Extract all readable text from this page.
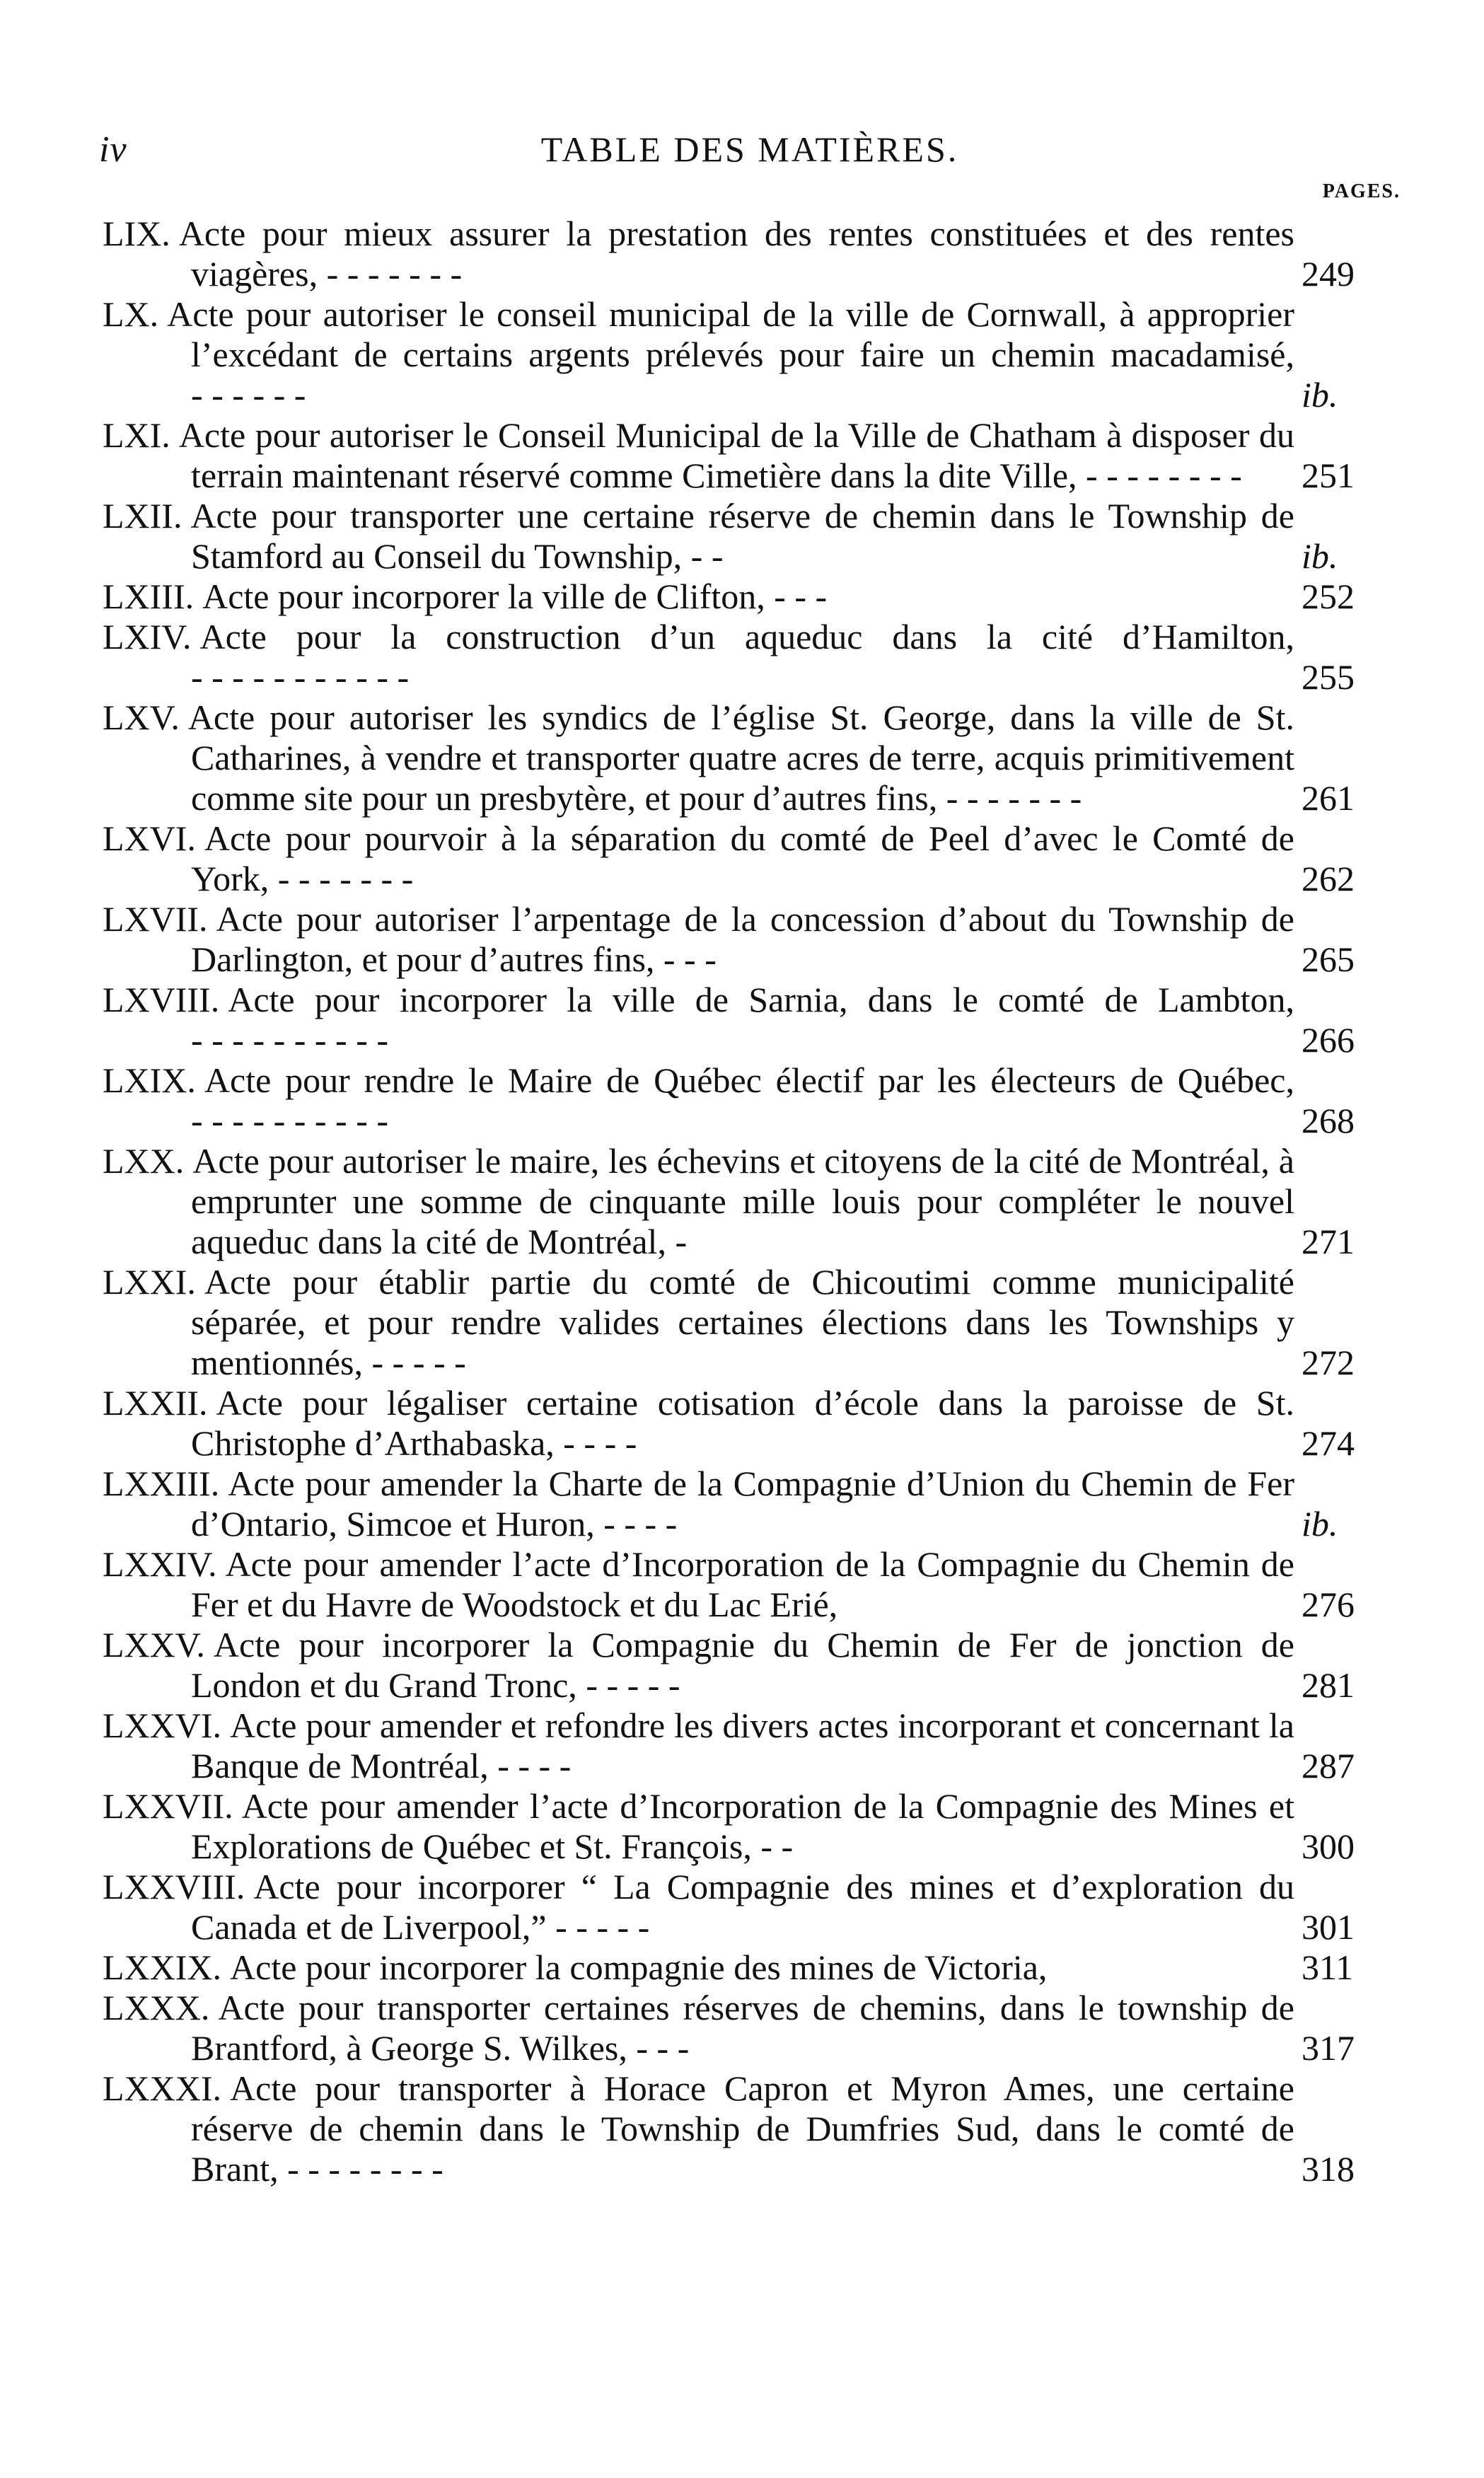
iv	TABLE DES MATIÈRES.
PAGES.
LIX. Acte pour mieux assurer la prestation des rentes constituées et des rentes viagères, - - - - - - -	249
LX. Acte pour autoriser le conseil municipal de la ville de Cornwall, à approprier l’excédant de certains argents prélevés pour faire un chemin macadamisé, - - - - - -	ib.
LXI. Acte pour autoriser le Conseil Municipal de la Ville de Chatham à disposer du terrain maintenant réservé comme Cimetière dans la dite Ville, - - - - - - - - 251
LXII. Acte pour transporter une certaine réserve de chemin dans le Township de Stamford au Conseil du Township, - -	ib.
LXIII. Acte pour incorporer la ville de Clifton, - - -	252
LXIV. Acte pour la construction d’un aqueduc dans la cité d’Hamilton, - - - - - - - - - - -	255
LXV. Acte pour autoriser les syndics de l’église St. George, dans la ville de St. Catharines, à vendre et transporter quatre acres de terre, acquis primitivement comme site pour un presbytère, et pour d’autres fins, - - - - - - -	261
LXVI. Acte pour pourvoir à la séparation du comté de Peel d’avec le Comté de York, - - - - - - -	262
LXVII. Acte pour autoriser l’arpentage de la concession d’about du Township de Darlington, et pour d’autres fins, - - -	265
LXVIII. Acte pour incorporer la ville de Sarnia, dans le comté de Lambton, - - - - - - - - - -	266
LXIX. Acte pour rendre le Maire de Québec électif par les électeurs de Québec, - - - - - - - - - -	268
LXX. Acte pour autoriser le maire, les échevins et citoyens de la cité de Montréal, à emprunter une somme de cinquante mille louis pour compléter le nouvel aqueduc dans la cité de Montréal, -	271
LXXI. Acte pour établir partie du comté de Chicoutimi comme municipalité séparée, et pour rendre valides certaines élections dans les Townships y mentionnés, - - - - -	272
LXXII. Acte pour légaliser certaine cotisation d’école dans la paroisse de St. Christophe d’Arthabaska, - - - -	274
LXXIII. Acte pour amender la Charte de la Compagnie d’Union du Chemin de Fer d’Ontario, Simcoe et Huron, - - - -	ib.
LXXIV. Acte pour amender l’acte d’Incorporation de la Compagnie du Chemin de Fer et du Havre de Woodstock et du Lac Erié,	276
LXXV. Acte pour incorporer la Compagnie du Chemin de Fer de jonction de London et du Grand Tronc, - - - - -	281
LXXVI. Acte pour amender et refondre les divers actes incorporant et concernant la Banque de Montréal, - - - -	287
LXXVII. Acte pour amender l’acte d’Incorporation de la Compagnie des Mines et Explorations de Québec et St. François, - -	300
LXXVIII. Acte pour incorporer “ La Compagnie des mines et d’exploration du Canada et de Liverpool,” - - - - -	301
LXXIX. Acte pour incorporer la compagnie des mines de Victoria,	311
LXXX. Acte pour transporter certaines réserves de chemins, dans le township de Brantford, à George S. Wilkes, - - -	317
LXXXI. Acte pour transporter à Horace Capron et Myron Ames, une certaine réserve de chemin dans le Township de Dumfries Sud, dans le comté de Brant, - - - - - - - -	318
